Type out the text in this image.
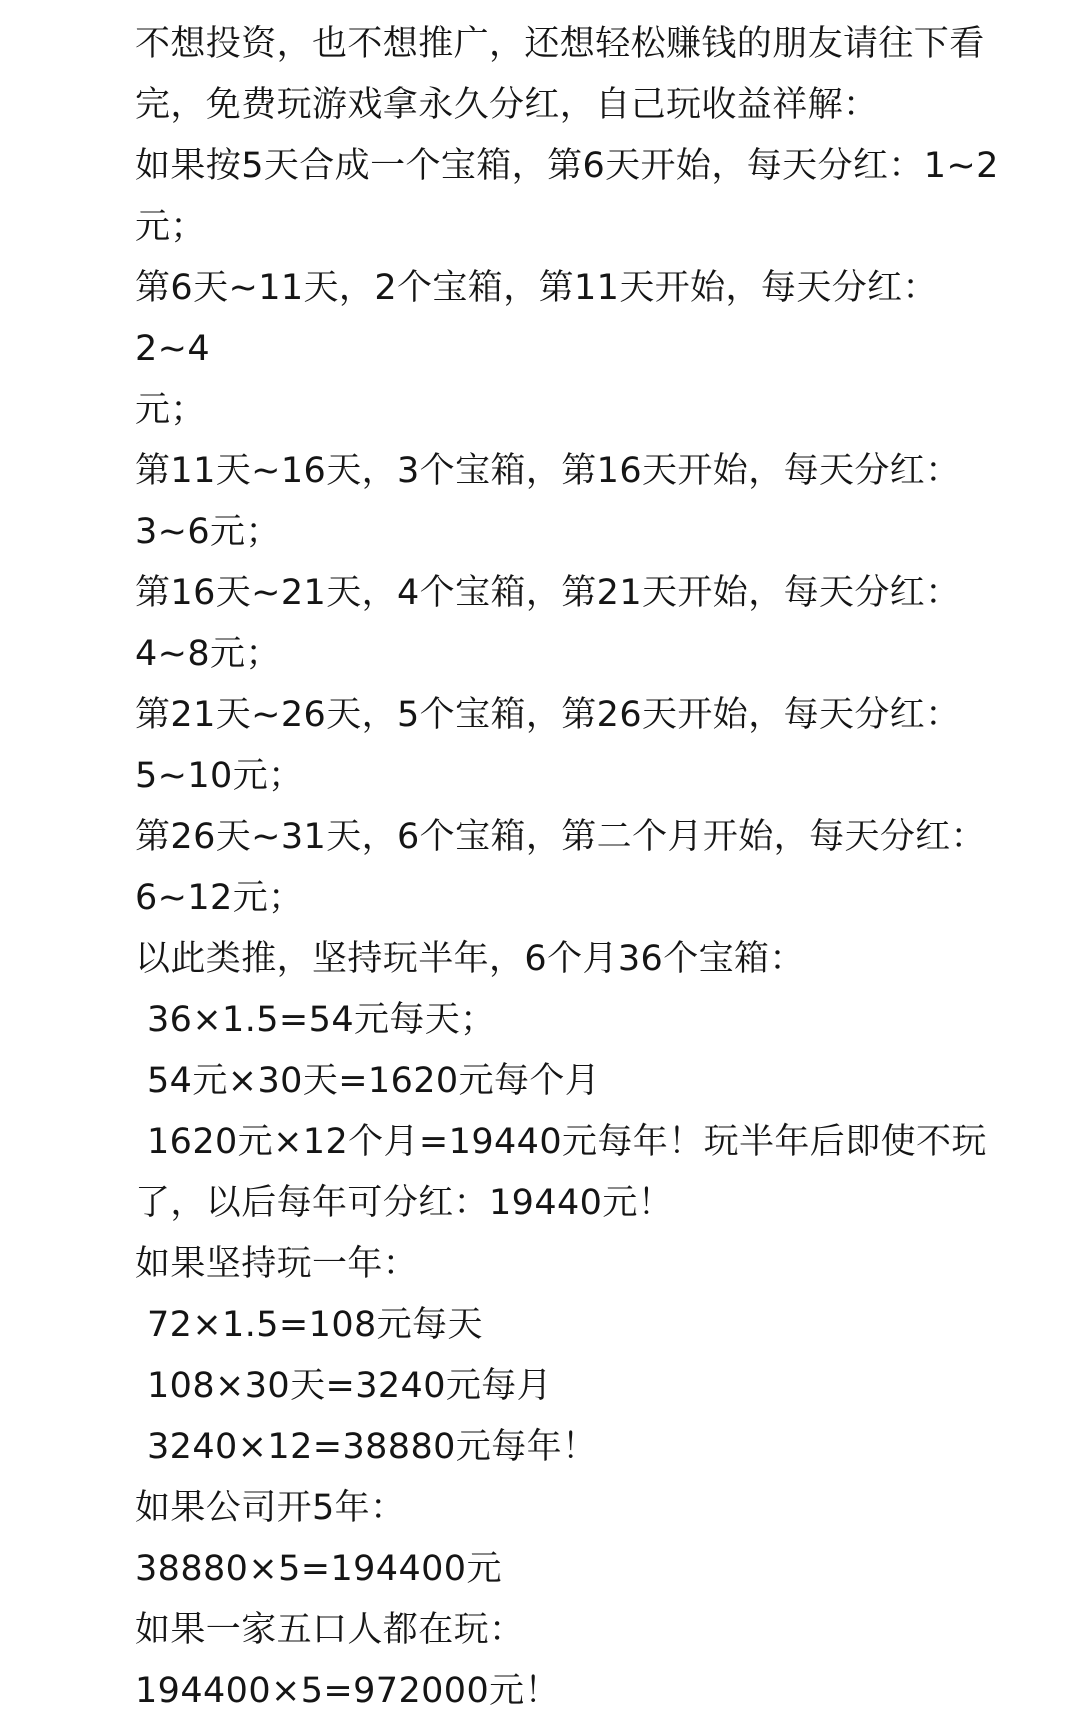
不想投资，也不想推广，还想轻松赚钱的朋友请往下看
完，免费玩游戏拿永久分红，自己玩收益祥解：
如果按5天合成一个宝箱，第6天开始，每天分红：1~2
元；
第6天~11天，2个宝箱，第11天开始，每天分红：2~4
元；
第11天~16天，3个宝箱，第16天开始，每天分红：
3~6元；
第16天~21天，4个宝箱，第21天开始，每天分红：
4~8元；
第21天~26天，5个宝箱，第26天开始，每天分红：
5~10元；
第26天~31天，6个宝箱，第二个月开始，每天分红：
6~12元；
以此类推，坚持玩半年，6个月36个宝箱：
36×1.5=54元每天；
54元×30天=1620元每个月
1620元×12个月=19440元每年！玩半年后即使不玩
了，以后每年可分红：19440元！
如果坚持玩一年：
72×1.5=108元每天
108×30天=3240元每月
3240×12=38880元每年！
如果公司开5年：
38880×5=194400元
如果一家五口人都在玩：
194400×5=972000元！
